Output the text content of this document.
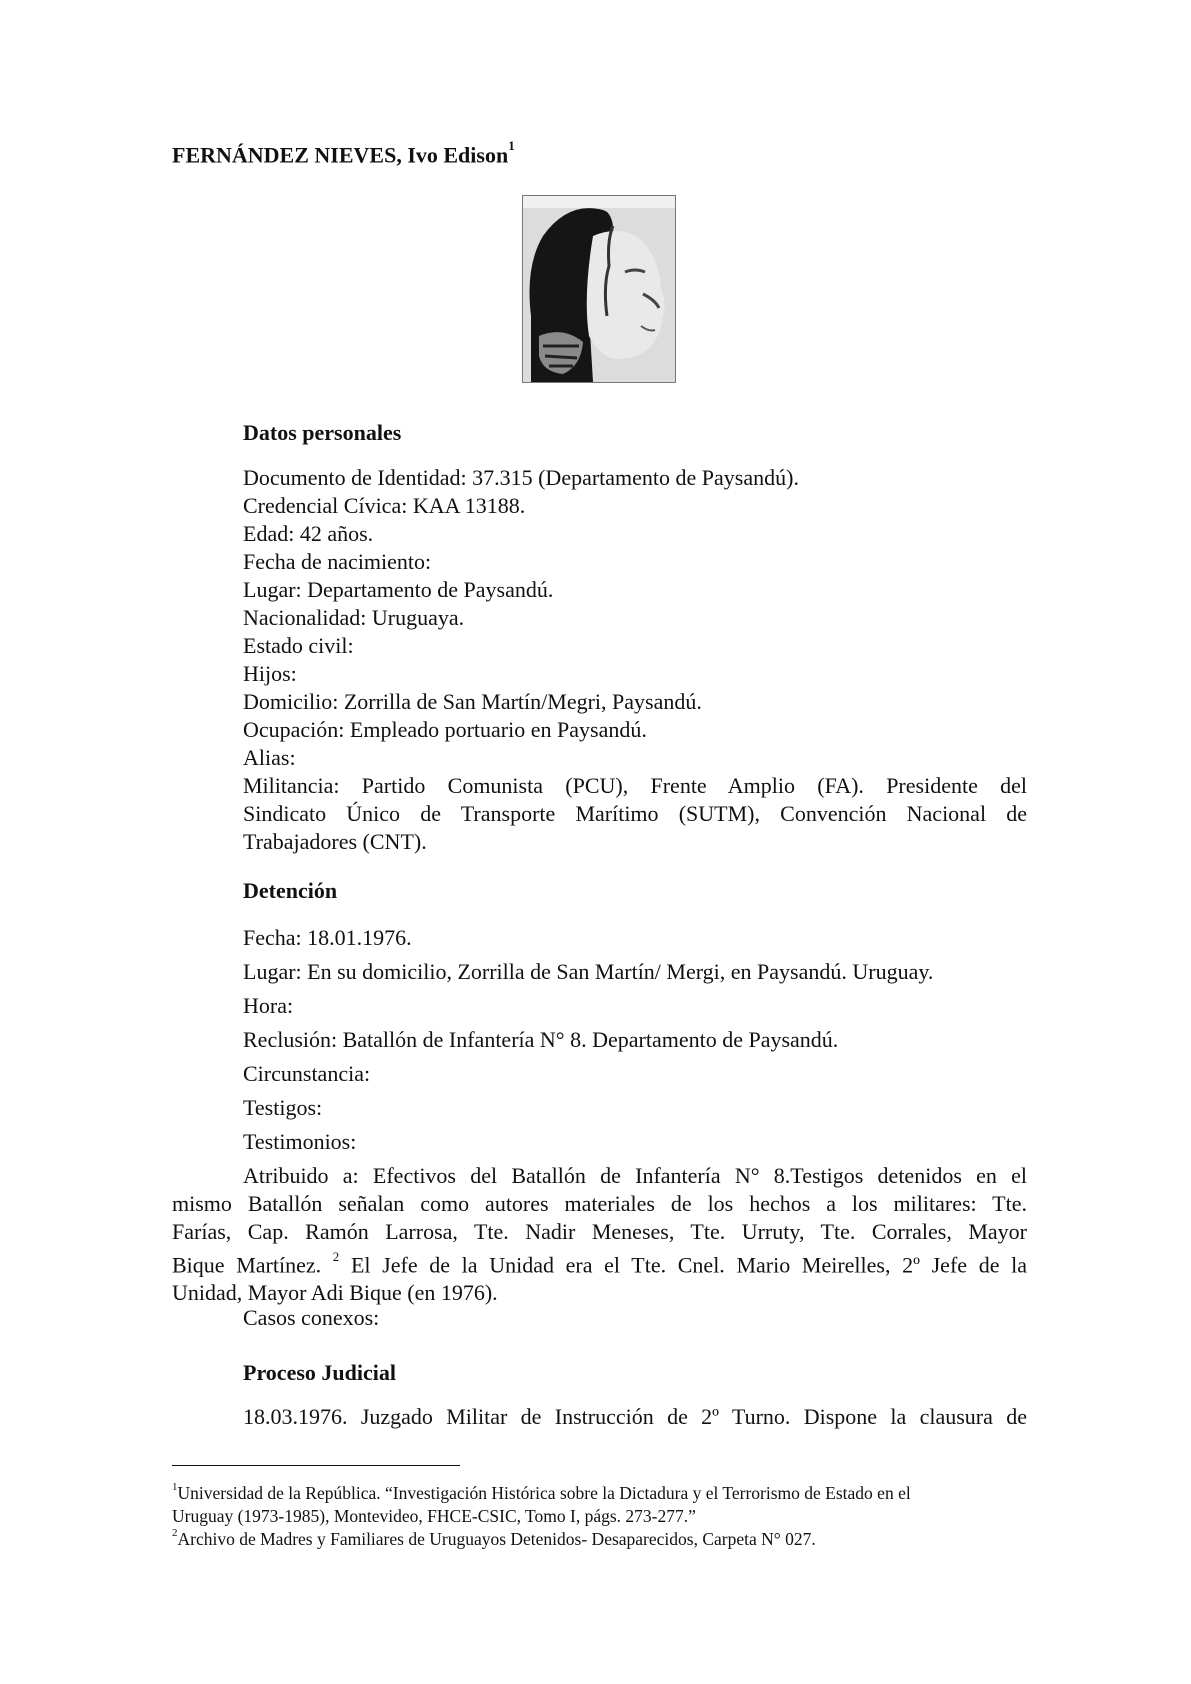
FERNÁNDEZ NIEVES, Ivo Edison$^1$
Datos personales
Documento de Identidad: 37.315 (Departamento de Paysandú).
Credencial Cívica: KAA 13188.
Edad: 42 años.
Fecha de nacimiento:
Lugar: Departamento de Paysandú.
Nacionalidad: Uruguaya.
Estado civil:
Hijos:
Domicilio: Zorrilla de San Martín/Megri, Paysandú.
Ocupación: Empleado portuario en Paysandú.
Alias:
Militancia: Partido Comunista (PCU), Frente Amplio (FA). Presidente del
Sindicato Único de Transporte Marítimo (SUTM), Convención Nacional de
Trabajadores (CNT).
Detención
Fecha: 18.01.1976.
Lugar: En su domicilio, Zorrilla de San Martín/ Mergi, en Paysandú. Uruguay.
Hora:
Reclusión: Batallón de Infantería N° 8. Departamento de Paysandú.
Circunstancia:
Testigos:
Testimonios:
Atribuido a: Efectivos del Batallón de Infantería N° 8.Testigos detenidos en el
mismo Batallón señalan como autores materiales de los hechos a los militares: Tte.
Farías, Cap. Ramón Larrosa, Tte. Nadir Meneses, Tte. Urruty, Tte. Corrales, Mayor
Bique Martínez. $^2$ El Jefe de la Unidad era el Tte. Cnel. Mario Meirelles, 2º Jefe de la
Unidad, Mayor Adi Bique (en 1976).
Casos conexos:
Proceso Judicial
18.03.1976. Juzgado Militar de Instrucción de 2º Turno. Dispone la clausura de
$^1$Universidad de la República. “Investigación Histórica sobre la Dictadura y el Terrorismo de Estado en el
Uruguay (1973-1985), Montevideo, FHCE-CSIC, Tomo I, págs. 273-277.”
$^2$Archivo de Madres y Familiares de Uruguayos Detenidos- Desaparecidos, Carpeta N° 027.
